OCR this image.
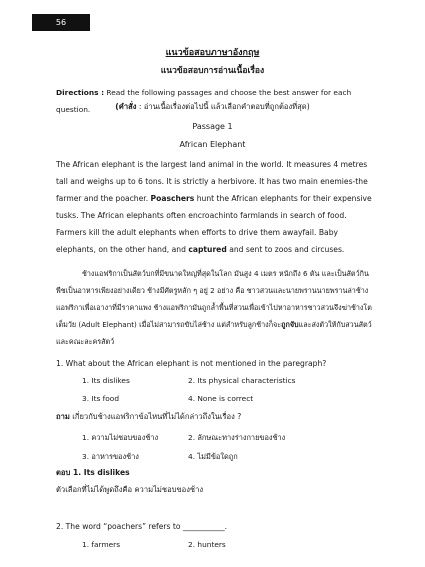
56
แนวข้อสอบภาษาอังกฤษ
แนวข้อสอบการอ่านเนื้อเรื่อง
Directions : Read the following passages and choose the best answer for each question.	(คำสั่ง : อ่านเนื้อเรื่องต่อไปนี้ แล้วเลือกคำตอบที่ถูกต้องที่สุด)
Passage 1
African Elephant
The African elephant is the largest land animal in the world. It measures 4 metres tall and weighs up to 6 tons. It is strictly a herbivore. It has two main enemies-the farmer and the poacher. Poaschers hunt the African elephants for their expensive tusks. The African elephants often encroachinto farmlands in search of food. Farmers kill the adult elephants when efforts to drive them awayfail. Baby elephants, on the other hand, and captured and sent to zoos and circuses.
ช้างแอฟริกาเป็นสัตว์บกที่มีขนาดใหญ่ที่สุดในโลก มันสูง 4 เมตร หนักถึง 6 ตัน และเป็นสัตว์กินพืชเป็นอาหารเพียงอย่างเดียว ช้างมีศัตรูหลัก ๆ อยู่ 2 อย่าง คือ ชาวสวนและนายพรานนายพรานล่าช้างแอฟริกาเพื่อเอางาที่มีราคาแพง ช้างแอฟริกามันถูกล้ำพื้นที่สวนเพื่อเข้าไปหาอาหารชาวสวนจึงฆ่าช้างโตเต็มวัย (Adult Elephant) เมื่อไม่สามารถขับไล่ช้าง แต่สำหรับลูกช้างก็จะถูกจับและส่งตัวให้กับสวนสัตว์และคณะละครสัตว์
1. What about the African elephant is not mentioned in the paregraph?
1. Its dislikes	2. Its physical characteristics
3. Its food	4. None is correct
ถาม เกี่ยวกับช้างแอฟริกาข้อไหนที่ไม่ได้กล่าวถึงในเรื่อง ?
1. ความไม่ชอบของช้าง	2. ลักษณะทางร่างกายของช้าง
3. อาหารของช้าง	4. ไม่มีข้อใดถูก
ตอบ 1. Its dislikes
ตัวเลือกที่ไม่ได้พูดถึงคือ ความไม่ชอบของช้าง
2. The word “poachers” refers to ___________.
1. farmers	2. hunters
